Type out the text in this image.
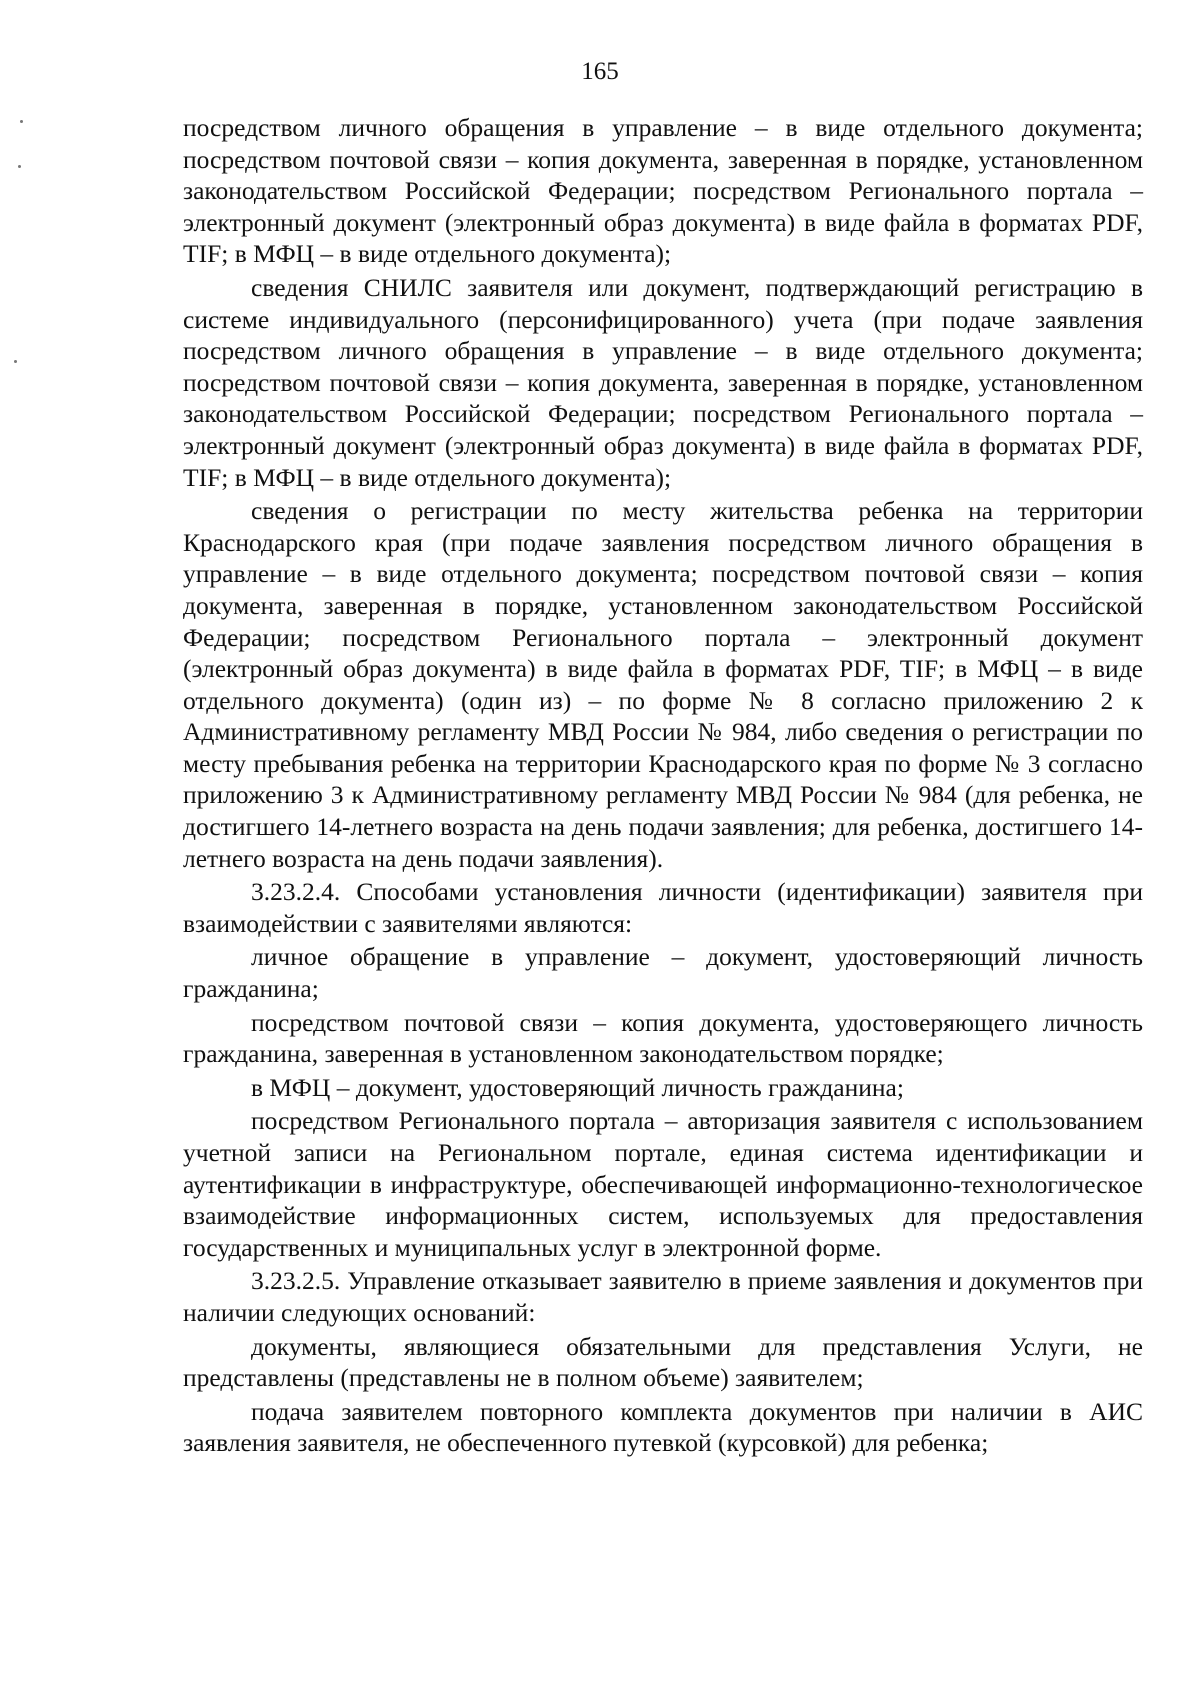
165

посредством личного обращения в управление – в виде отдельного документа; посредством почтовой связи – копия документа, заверенная в порядке, установленном законодательством Российской Федерации; посредством Регионального портала – электронный документ (электронный образ документа) в виде файла в форматах PDF, TIF; в МФЦ – в виде отдельного документа);

сведения СНИЛС заявителя или документ, подтверждающий регистрацию в системе индивидуального (персонифицированного) учета (при подаче заявления посредством личного обращения в управление – в виде отдельного документа; посредством почтовой связи – копия документа, заверенная в порядке, установленном законодательством Российской Федерации; посредством Регионального портала – электронный документ (электронный образ документа) в виде файла в форматах PDF, TIF; в МФЦ – в виде отдельного документа);

сведения о регистрации по месту жительства ребенка на территории Краснодарского края (при подаче заявления посредством личного обращения в управление – в виде отдельного документа; посредством почтовой связи – копия документа, заверенная в порядке, установленном законодательством Российской Федерации; посредством Регионального портала – электронный документ (электронный образ документа) в виде файла в форматах PDF, TIF; в МФЦ – в виде отдельного документа) (один из) – по форме № 8 согласно приложению 2 к Административному регламенту МВД России № 984, либо сведения о регистрации по месту пребывания ребенка на территории Краснодарского края по форме № 3 согласно приложению 3 к Административному регламенту МВД России № 984 (для ребенка, не достигшего 14-летнего возраста на день подачи заявления; для ребенка, достигшего 14-летнего возраста на день подачи заявления).

3.23.2.4. Способами установления личности (идентификации) заявителя при взаимодействии с заявителями являются:

личное обращение в управление – документ, удостоверяющий личность гражданина;

посредством почтовой связи – копия документа, удостоверяющего личность гражданина, заверенная в установленном законодательством порядке;

в МФЦ – документ, удостоверяющий личность гражданина;

посредством Регионального портала – авторизация заявителя с использованием учетной записи на Региональном портале, единая система идентификации и аутентификации в инфраструктуре, обеспечивающей информационно-технологическое взаимодействие информационных систем, используемых для предоставления государственных и муниципальных услуг в электронной форме.

3.23.2.5. Управление отказывает заявителю в приеме заявления и документов при наличии следующих оснований:

документы, являющиеся обязательными для представления Услуги, не представлены (представлены не в полном объеме) заявителем;

подача заявителем повторного комплекта документов при наличии в АИС заявления заявителя, не обеспеченного путевкой (курсовкой) для ребенка;
